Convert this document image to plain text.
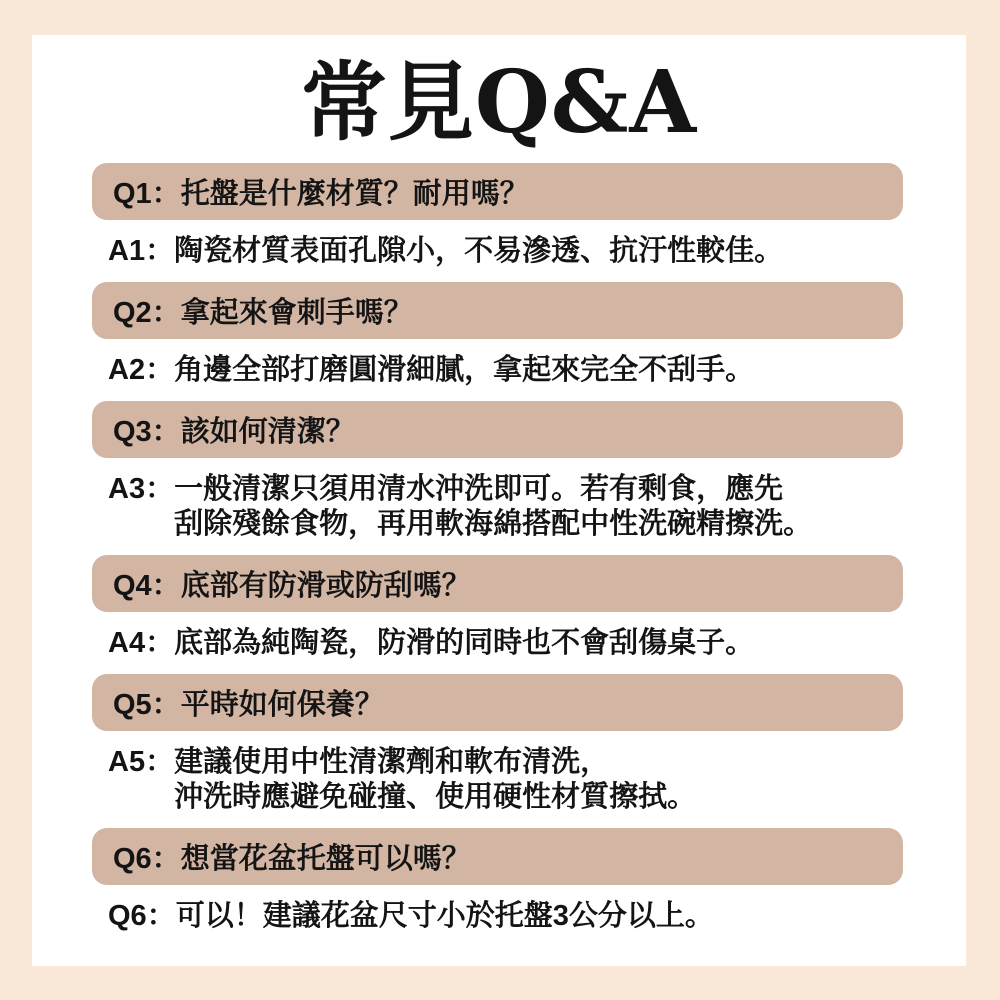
常見Q&A
Q1： 托盤是什麼材質？耐用嗎？
A1： 陶瓷材質表面孔隙小，不易滲透、抗汙性較佳。
Q2： 拿起來會刺手嗎？
A2： 角邊全部打磨圓滑細膩，拿起來完全不刮手。
Q3： 該如何清潔？
A3： 一般清潔只須用清水沖洗即可。若有剩食，應先
刮除殘餘食物，再用軟海綿搭配中性洗碗精擦洗。
Q4： 底部有防滑或防刮嗎？
A4： 底部為純陶瓷，防滑的同時也不會刮傷桌子。
Q5： 平時如何保養？
A5： 建議使用中性清潔劑和軟布清洗，
沖洗時應避免碰撞、使用硬性材質擦拭。
Q6： 想當花盆托盤可以嗎？
Q6： 可以！建議花盆尺寸小於托盤3公分以上。
